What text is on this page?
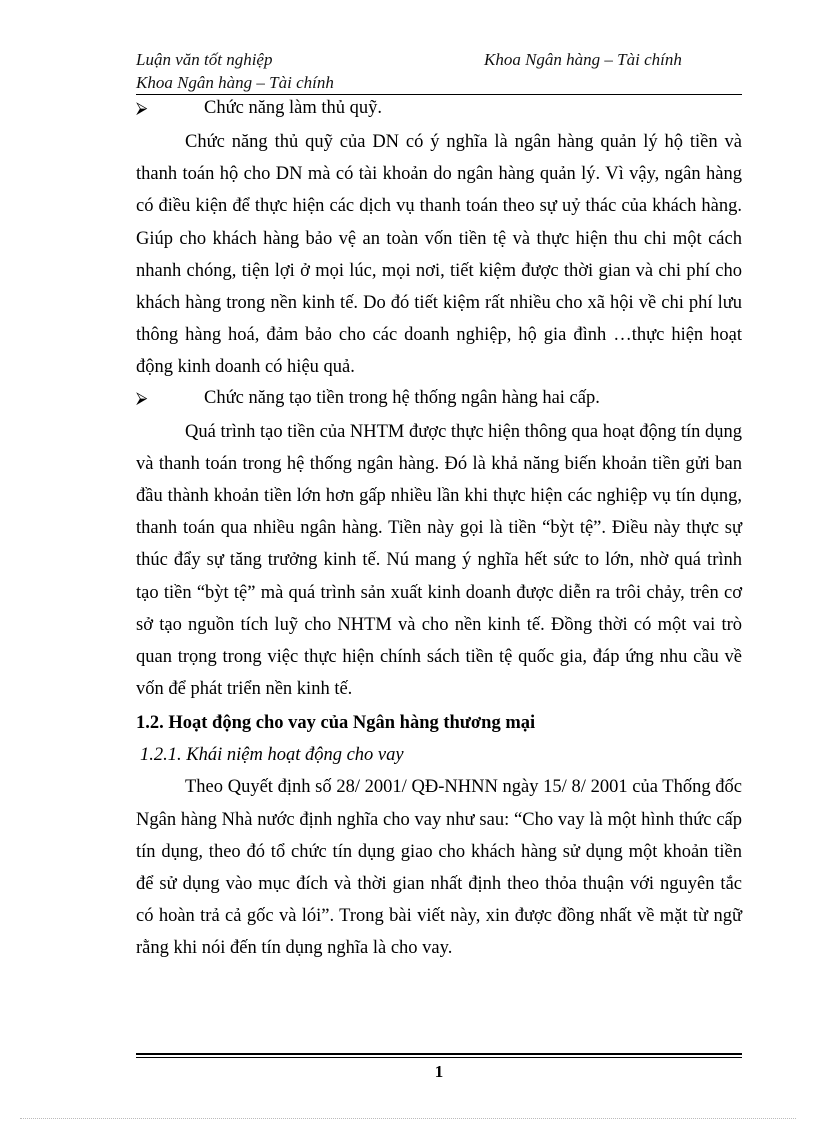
Luận văn tốt nghiệp	Khoa Ngân hàng – Tài chính
Khoa Ngân hàng – Tài chính
⮚	Chức năng làm thủ quỹ.

Chức năng thủ quỹ của DN có ý nghĩa là ngân hàng quản lý hộ tiền và thanh toán hộ cho DN mà có tài khoản do ngân hàng quản lý. Vì vậy, ngân hàng có điều kiện để thực hiện các dịch vụ thanh toán theo sự uỷ thác của khách hàng. Giúp cho khách hàng bảo vệ an toàn vốn tiền tệ và thực hiện thu chi một cách nhanh chóng, tiện lợi ở mọi lúc, mọi nơi, tiết kiệm được thời gian và chi phí cho khách hàng trong nền kinh tế. Do đó tiết kiệm rất nhiều cho xã hội về chi phí lưu thông hàng hoá, đảm bảo cho các doanh nghiệp, hộ gia đình …thực hiện hoạt động kinh doanh có hiệu quả.

⮚	Chức năng tạo tiền trong hệ thống ngân hàng hai cấp.

Quá trình tạo tiền của NHTM được thực hiện thông qua hoạt động tín dụng và thanh toán trong hệ thống ngân hàng. Đó là khả năng biến khoản tiền gửi ban đầu thành khoản tiền lớn hơn gấp nhiều lần khi thực hiện các nghiệp vụ tín dụng, thanh toán qua nhiều ngân hàng. Tiền này gọi là tiền “bỳt tệ”. Điều này thực sự thúc đẩy sự tăng trưởng kinh tế. Nú mang ý nghĩa hết sức to lớn, nhờ quá trình tạo tiền “bỳt tệ” mà quá trình sản xuất kinh doanh được diễn ra trôi chảy, trên cơ sở tạo nguồn tích luỹ cho NHTM và cho nền kinh tế. Đồng thời có một vai trò quan trọng trong việc thực hiện chính sách tiền tệ quốc gia, đáp ứng nhu cầu về vốn để phát triển nền kinh tế.

1.2. Hoạt động cho vay của Ngân hàng thương mại
1.2.1. Khái niệm hoạt động cho vay

Theo Quyết định số 28/ 2001/ QĐ-NHNN ngày 15/ 8/ 2001 của Thống đốc Ngân hàng Nhà nước định nghĩa cho vay như sau: “Cho vay là một hình thức cấp tín dụng, theo đó tổ chức tín dụng giao cho khách hàng sử dụng một khoản tiền để sử dụng vào mục đích và thời gian nhất định theo thỏa thuận với nguyên tắc có hoàn trả cả gốc và lói”. Trong bài viết này, xin được đồng nhất về mặt từ ngữ rằng khi nói đến tín dụng nghĩa là cho vay.

1
